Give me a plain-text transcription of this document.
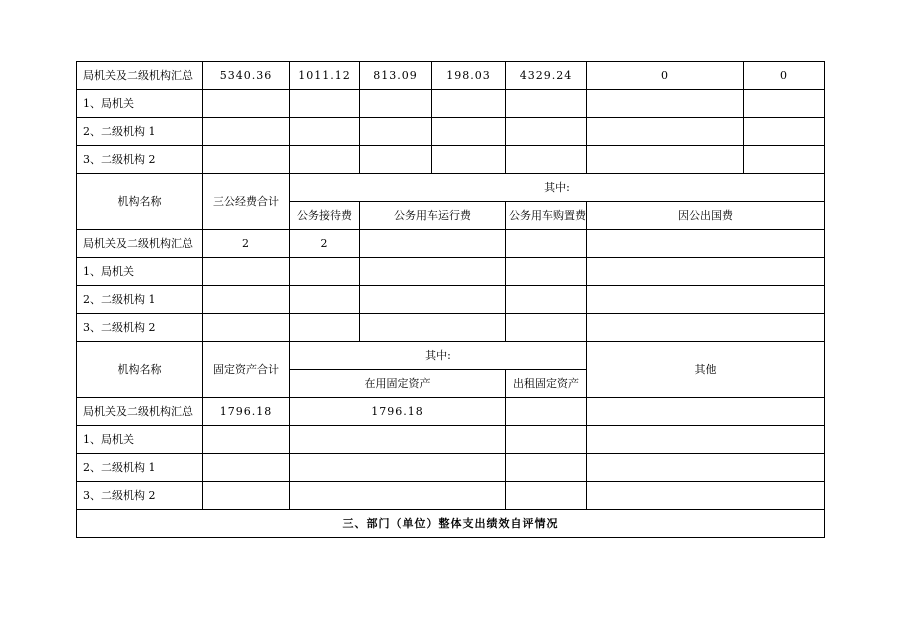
局机关及二级机构汇总	5340.36	1011.12	813.09	198.03	4329.24	0	0
1、局机关							
2、二级机构 1							
3、二级机构 2							
机构名称	三公经费合计	其中:					
		公务接待费	公务用车运行费		公务用车购置费	因公出国费	
局机关及二级机构汇总	2	2					
1、局机关							
2、二级机构 1							
3、二级机构 2							
机构名称	固定资产合计	其中:				其他	
		在用固定资产			出租固定资产		
局机关及二级机构汇总	1796.18	1796.18					
1、局机关							
2、二级机构 1							
3、二级机构 2							
三、部门（单位）整体支出绩效自评情况							
